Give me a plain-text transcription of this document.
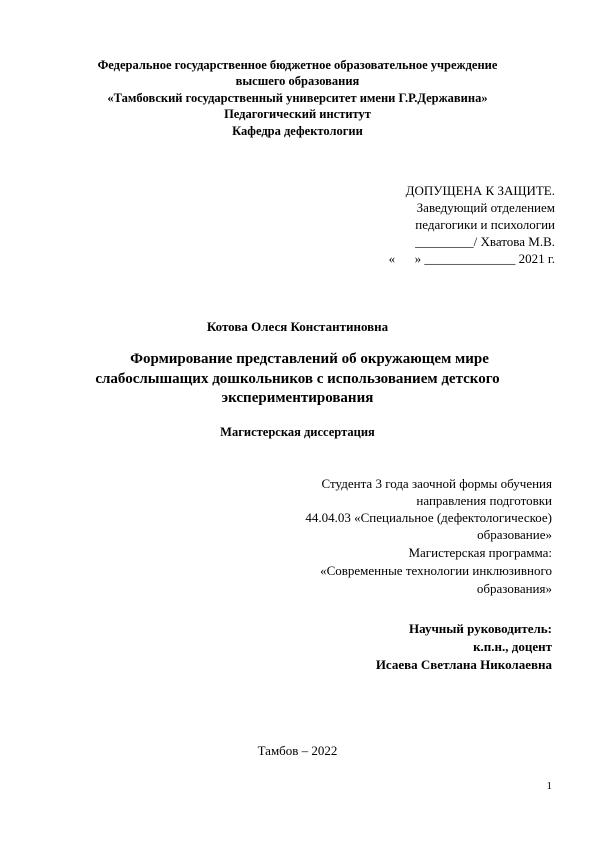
Федеральное государственное бюджетное образовательное учреждение
высшего образования
«Тамбовский государственный университет имени Г.Р.Державина»
Педагогический институт
Кафедра дефектологии
ДОПУЩЕНА К ЗАЩИТЕ.
Заведующий отделением
педагогики и психологии
_________/ Хватова М.В.
«      » ______________ 2021 г.
Котова Олеся Константиновна
Формирование представлений об окружающем мире
слабослышащих дошкольников с использованием детского
экспериментирования
Магистерская диссертация
Студента 3 года заочной формы обучения
направления подготовки
44.04.03 «Специальное (дефектологическое)
образование»
Магистерская программа:
«Современные технологии инклюзивного
образования»
Научный руководитель:
к.п.н., доцент
Исаева Светлана Николаевна
Тамбов – 2022
1
